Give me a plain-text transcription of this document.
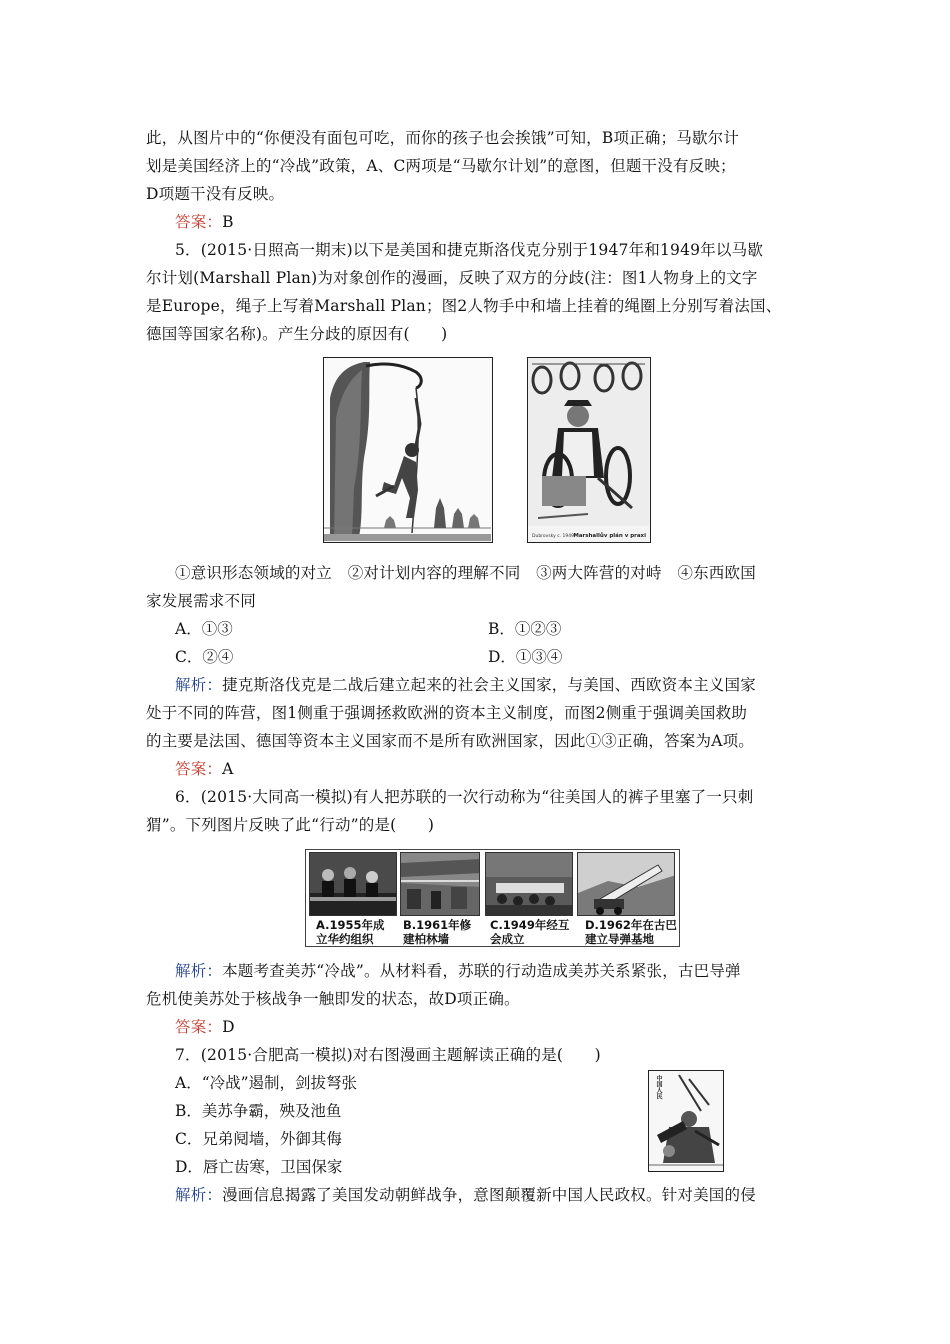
此，从图片中的“你便没有面包可吃，而你的孩子也会挨饿”可知，B项正确；马歇尔计
划是美国经济上的“冷战”政策，A、C两项是“马歇尔计划”的意图，但题干没有反映；
D项题干没有反映。
答案：B
5．(2015·日照高一期末)以下是美国和捷克斯洛伐克分别于1947年和1949年以马歇
尔计划(Marshall Plan)为对象创作的漫画，反映了双方的分歧(注：图1人物身上的文字
是Europe，绳子上写着Marshall Plan；图2人物手中和墙上挂着的绳圈上分别写着法国、
德国等国家名称)。产生分歧的原因有(　　)
Dubrovsky c. 1949 Marshallův plán v praxi
①意识形态领域的对立　②对计划内容的理解不同　③两大阵营的对峙　④东西欧国
家发展需求不同
A．①③	B．①②③
C．②④	D．①③④
解析：捷克斯洛伐克是二战后建立起来的社会主义国家，与美国、西欧资本主义国家
处于不同的阵营，图1侧重于强调拯救欧洲的资本主义制度，而图2侧重于强调美国救助
的主要是法国、德国等资本主义国家而不是所有欧洲国家，因此①③正确，答案为A项。
答案：A
6．(2015·大同高一模拟)有人把苏联的一次行动称为“往美国人的裤子里塞了一只刺
猬”。下列图片反映了此“行动”的是(　　)
A.1955年成
立华约组织
B.1961年修
建柏林墙
C.1949年经互
会成立
D.1962年在古巴
建立导弹基地
解析：本题考查美苏“冷战”。从材料看，苏联的行动造成美苏关系紧张，古巴导弹
危机使美苏处于核战争一触即发的状态，故D项正确。
答案：D
7．(2015·合肥高一模拟)对右图漫画主题解读正确的是(　　)
A．“冷战”遏制，剑拔弩张
B．美苏争霸，殃及池鱼
C．兄弟阋墙，外御其侮
D．唇亡齿寒，卫国保家
中国人民
解析：漫画信息揭露了美国发动朝鲜战争，意图颠覆新中国人民政权。针对美国的侵
